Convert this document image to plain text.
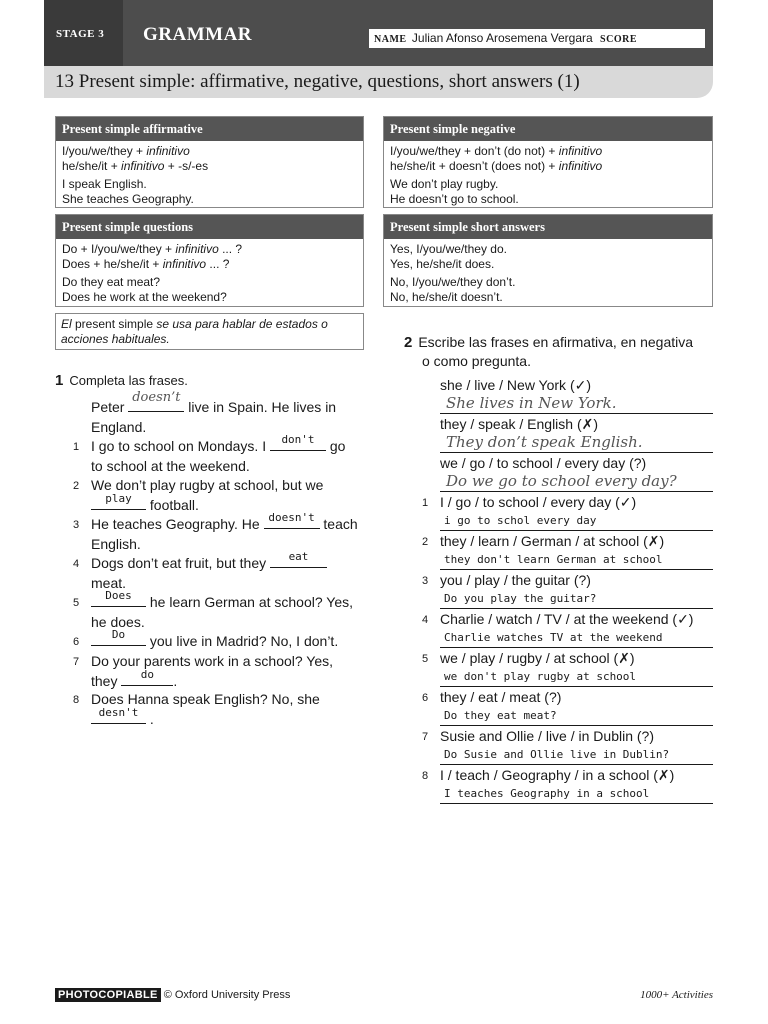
STAGE 3 GRAMMAR	NAME Julian Afonso Arosemena Vergara SCORE
13 Present simple: affirmative, negative, questions, short answers (1)
Present simple affirmative
I/you/we/they + infinitivo
he/she/it + infinitivo + -s/-es
I speak English.
She teaches Geography.
Present simple negative
I/you/we/they + don’t (do not) + infinitivo
he/she/it + doesn’t (does not) + infinitivo
We don’t play rugby.
He doesn’t go to school.
Present simple questions
Do + I/you/we/they + infinitivo ... ?
Does + he/she/it + infinitivo ... ?
Do they eat meat?
Does he work at the weekend?
Present simple short answers
Yes, I/you/we/they do.
Yes, he/she/it does.
No, I/you/we/they don’t.
No, he/she/it doesn’t.
El present simple se usa para hablar de estados o acciones habituales.
1 Completa las frases.
Peter
doesn’t
live in Spain. He lives in
England.
1 I go to school on Mondays. I	don't	go
to school at the weekend.
2 We don’t play rugby at school, but we

play	football.
3 He teaches Geography. He doesn't teach
English.
4 Dogs don’t eat fruit, but they	eat

meat.
5
Does	he learn German at school? Yes,
he does.
6
Do	you live in Madrid? No, I don’t.
7 Do your parents work in a school? Yes,
they	do	.
8 Does Hanna speak English? No, she

desn't .
2 Escribe las frases en afirmativa, en negativa
o como pregunta.
she / live / New York (✓)
She lives in New York.
they / speak / English (✗)
They don’t speak English.
we / go / to school / every day (?)
Do we go to school every day?
1 I / go / to school / every day (✓)
i go to schol every day
2 they / learn / German / at school (✗)
they don't learn German at school
3 you / play / the guitar (?)
Do you play the guitar?
4 Charlie / watch / TV / at the weekend (✓)
Charlie watches TV at the weekend
5 we / play / rugby / at school (✗)
we don't play rugby at school
6 they / eat / meat (?)
Do they eat meat?
7 Susie and Ollie / live / in Dublin (?)
Do Susie and Ollie live in Dublin?
8 I / teach / Geography / in a school (✗)
I teaches Geography in a school
PHOTOCOPIABLE © Oxford University Press	1000+ Activities
